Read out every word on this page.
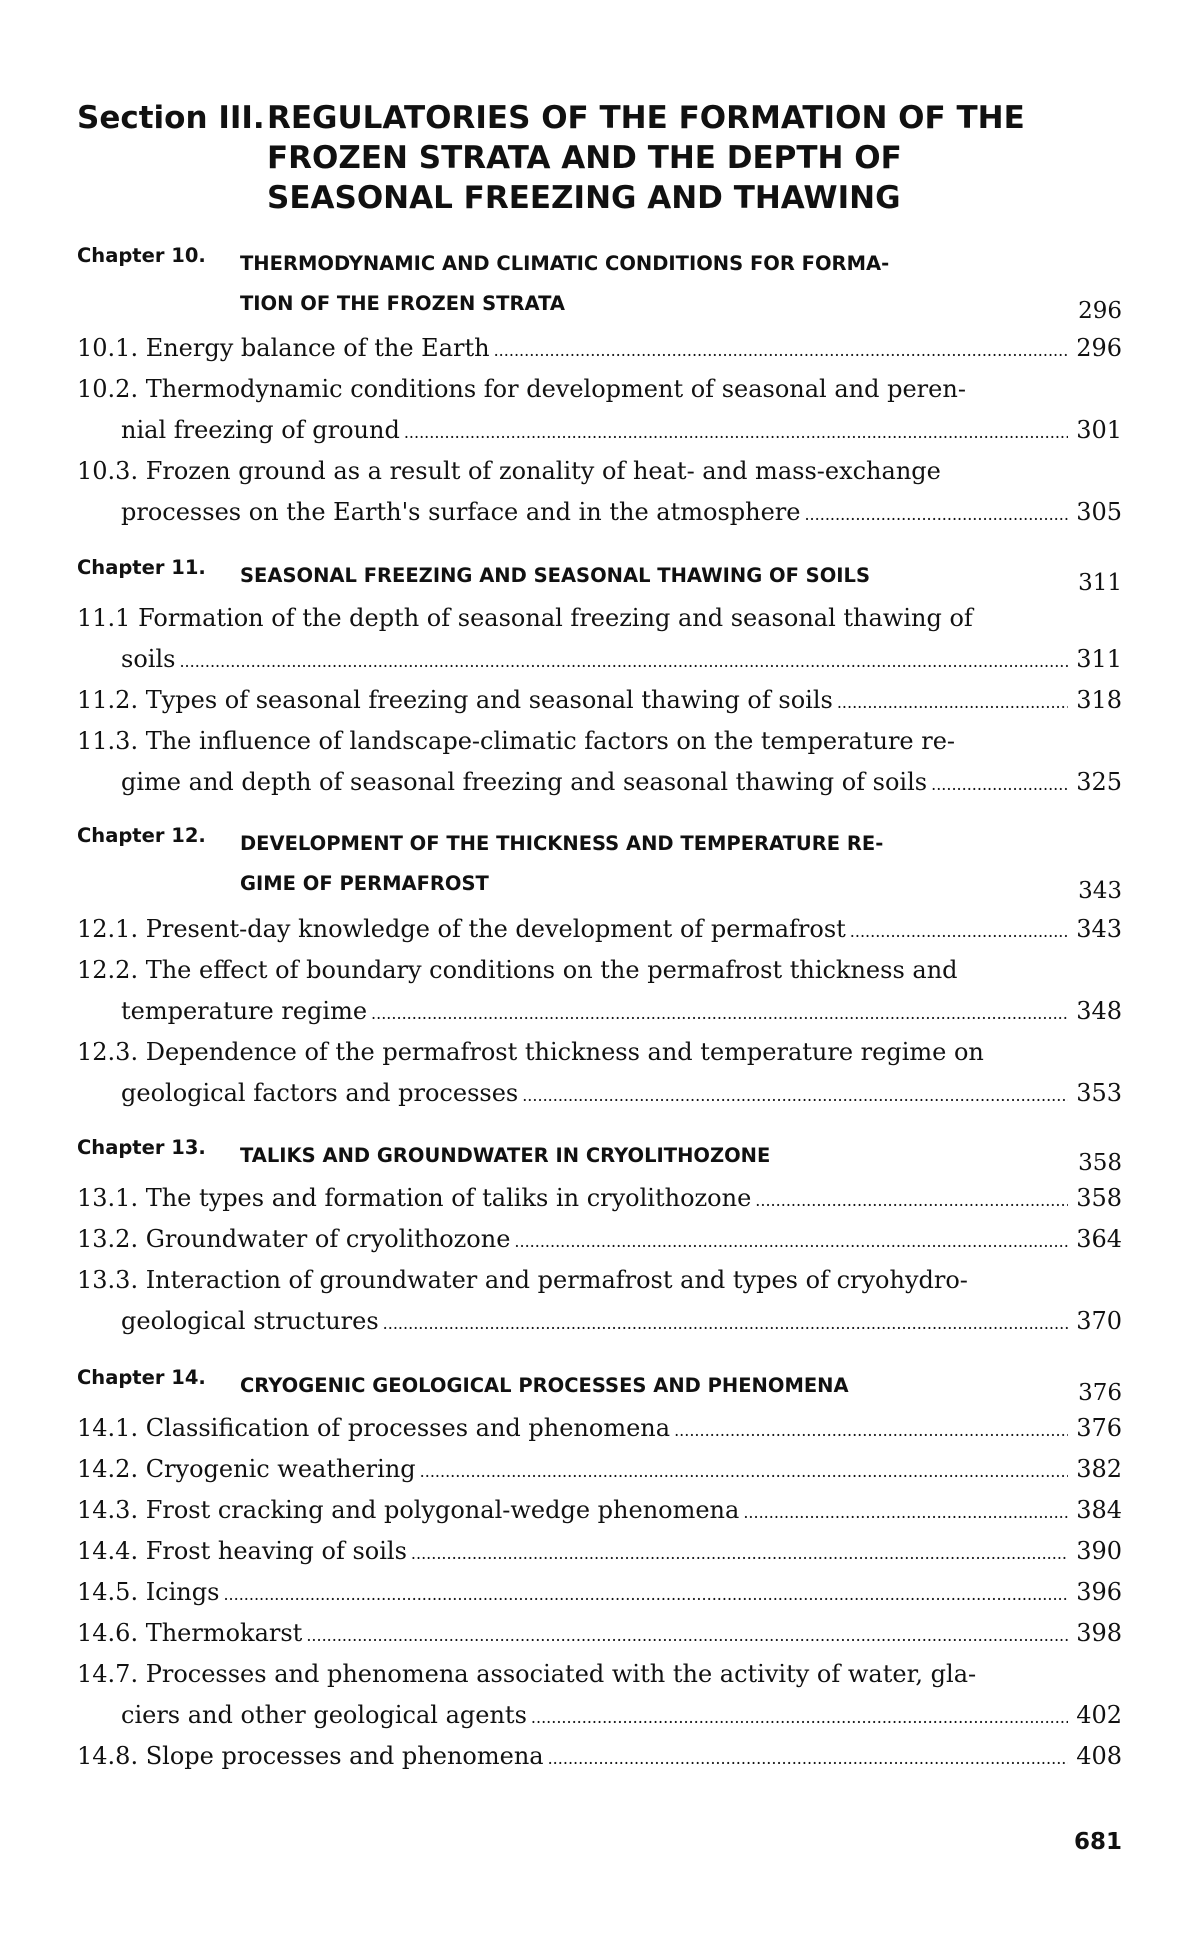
Section III. REGULATORIES OF THE FORMATION OF THE
FROZEN STRATA AND THE DEPTH OF
SEASONAL FREEZING AND THAWING
Chapter 10. THERMODYNAMIC AND CLIMATIC CONDITIONS FOR FORMA-
TION OF THE FROZEN STRATA	296
10.1. Energy balance of the Earth .....	296
10.2. Thermodynamic conditions for development of seasonal and peren-
nial freezing of ground .....	301
10.3. Frozen ground as a result of zonality of heat- and mass-exchange
processes on the Earth's surface and in the atmosphere .....	305
Chapter 11. SEASONAL FREEZING AND SEASONAL THAWING OF SOILS	311
11.1 Formation of the depth of seasonal freezing and seasonal thawing of
soils .....	311
11.2. Types of seasonal freezing and seasonal thawing of soils .....	318
11.3. The influence of landscape-climatic factors on the temperature re-
gime and depth of seasonal freezing and seasonal thawing of soils .....	325
Chapter 12. DEVELOPMENT OF THE THICKNESS AND TEMPERATURE RE-
GIME OF PERMAFROST	343
12.1. Present-day knowledge of the development of permafrost .....	343
12.2. The effect of boundary conditions on the permafrost thickness and
temperature regime .....	348
12.3. Dependence of the permafrost thickness and temperature regime on
geological factors and processes .....	353
Chapter 13. TALIKS AND GROUNDWATER IN CRYOLITHOZONE	358
13.1. The types and formation of taliks in cryolithozone .....	358
13.2. Groundwater of cryolithozone .....	364
13.3. Interaction of groundwater and permafrost and types of cryohydro-
geological structures .....	370
Chapter 14. CRYOGENIC GEOLOGICAL PROCESSES AND PHENOMENA	376
14.1. Classification of processes and phenomena .....	376
14.2. Cryogenic weathering .....	382
14.3. Frost cracking and polygonal-wedge phenomena .....	384
14.4. Frost heaving of soils .....	390
14.5. Icings .....	396
14.6. Thermokarst .....	398
14.7. Processes and phenomena associated with the activity of water, gla-
ciers and other geological agents .....	402
14.8. Slope processes and phenomena .....	408
681
